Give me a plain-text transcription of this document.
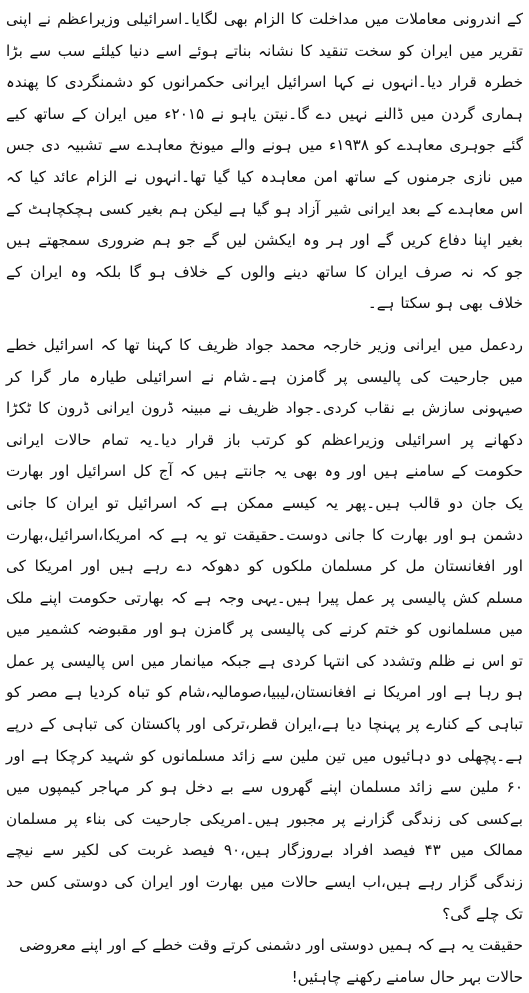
کے اندرونی معاملات میں مداخلت کا الزام بھی لگایا۔اسرائیلی وزیراعظم نے اپنی تقریر میں ایران کو سخت تنقید کا نشانہ بناتے ہوئے اسے دنیا کیلئے سب سے بڑا خطرہ قرار دیا۔انہوں نے کہا اسرائیل ایرانی حکمرانوں کو دشمنگردی کا پھندہ ہماری گردن میں ڈالنے نہیں دے گا۔نیتن یاہو نے ۲۰۱۵ء میں ایران کے ساتھ کیے گئے جوہری معاہدے کو ۱۹۳۸ء میں ہونے والے میونخ معاہدے سے تشبیہ دی جس میں نازی جرمنوں کے ساتھ امن معاہدہ کیا گیا تھا۔انہوں نے الزام عائد کیا کہ اس معاہدے کے بعد ایرانی شیر آزاد ہو گیا ہے لیکن ہم بغیر کسی ہچکچاہٹ کے بغیر اپنا دفاع کریں گے اور ہر وہ ایکشن لیں گے جو ہم ضروری سمجھتے ہیں جو کہ نہ صرف ایران کا ساتھ دینے والوں کے خلاف ہو گا بلکہ وہ ایران کے خلاف بھی ہو سکتا ہے۔

ردعمل میں ایرانی وزیر خارجہ محمد جواد ظریف کا کہنا تھا کہ اسرائیل خطے میں جارحیت کی پالیسی پر گامزن ہے۔شام نے اسرائیلی طیارہ مار گرا کر صیہونی سازش بے نقاب کردی۔جواد ظریف نے مبینہ ڈرون ایرانی ڈرون کا ٹکڑا دکھانے پر اسرائیلی وزیراعظم کو کرتب باز قرار دیا۔یہ تمام حالات ایرانی حکومت کے سامنے ہیں اور وہ بھی یہ جانتے ہیں کہ آج کل اسرائیل اور بھارت یک جان دو قالب ہیں۔پھر یہ کیسے ممکن ہے کہ اسرائیل تو ایران کا جانی دشمن ہو اور بھارت کا جانی دوست۔حقیقت تو یہ ہے کہ امریکا،اسرائیل،بھارت اور افغانستان مل کر مسلمان ملکوں کو دھوکہ دے رہے ہیں اور امریکا کی مسلم کش پالیسی پر عمل پیرا ہیں۔یہی وجہ ہے کہ بھارتی حکومت اپنے ملک میں مسلمانوں کو ختم کرنے کی پالیسی پر گامزن ہو اور مقبوضہ کشمیر میں تو اس نے ظلم وتشدد کی انتہا کردی ہے جبکہ میانمار میں اس پالیسی پر عمل ہو رہا ہے اور امریکا نے افغانستان،لیبیا،صومالیہ،شام کو تباہ کردیا ہے مصر کو تباہی کے کنارے پر پہنچا دیا ہے،ایران قطر،ترکی اور پاکستان کی تباہی کے درپے ہے۔پچھلی دو دہائیوں میں تین ملین سے زائد مسلمانوں کو شہید کرچکا ہے اور ۶۰ ملین سے زائد مسلمان اپنے گھروں سے بے دخل ہو کر مہاجر کیمپوں میں بےکسی کی زندگی گزارنے پر مجبور ہیں۔امریکی جارحیت کی بناء پر مسلمان ممالک میں ۴۳ فیصد افراد بےروزگار ہیں،۹۰ فیصد غربت کی لکیر سے نیچے زندگی گزار رہے ہیں،اب ایسے حالات میں بھارت اور ایران کی دوستی کس حد تک چلے گی؟

حقیقت یہ ہے کہ ہمیں دوستی اور دشمنی کرتے وقت خطے کے اور اپنے معروضی حالات بہر حال سامنے رکھنے چاہئیں!
